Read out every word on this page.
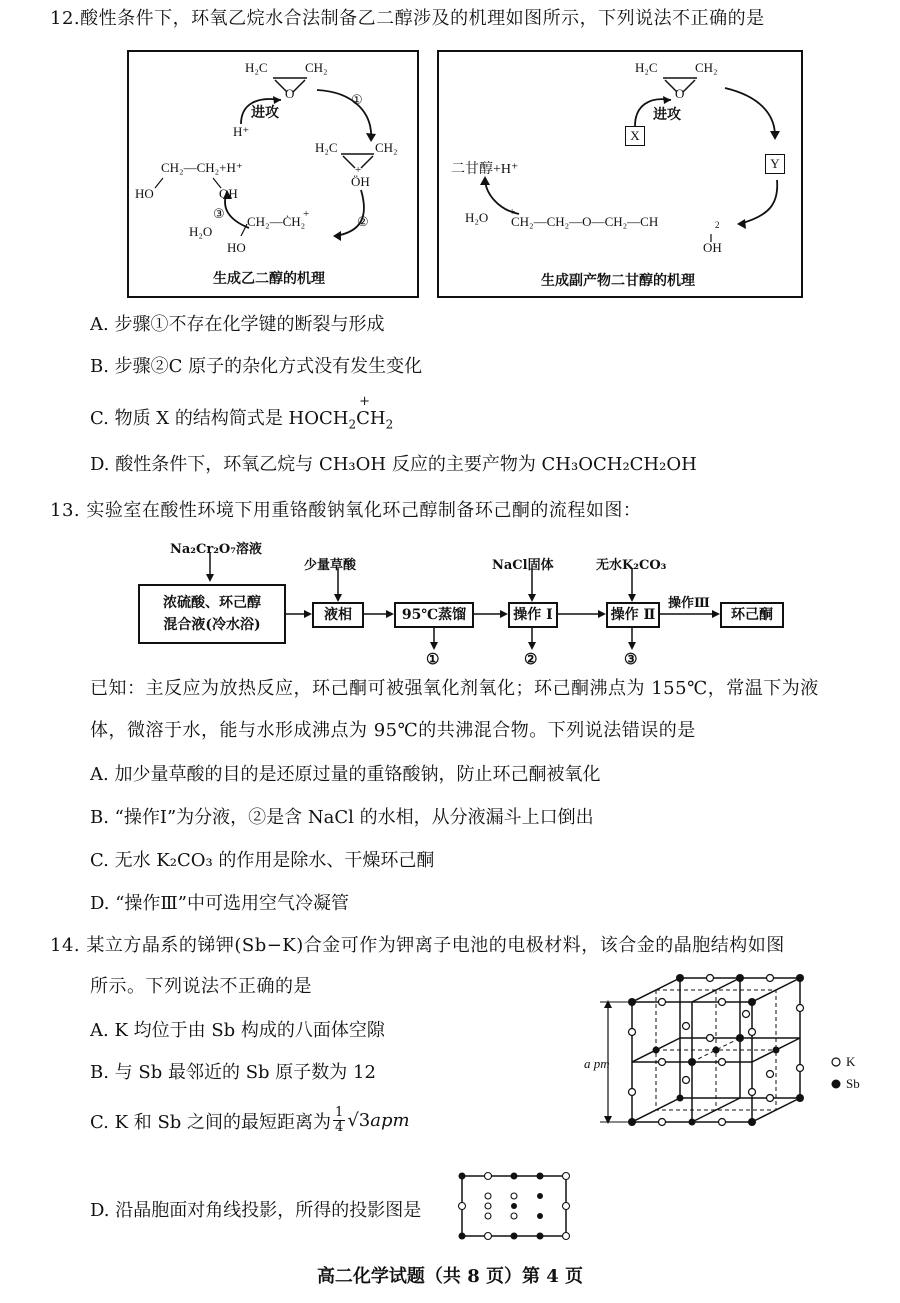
12.酸性条件下，环氧乙烷水合法制备乙二醇涉及的机理如图所示，下列说法不正确的是
H₂C	CH₂
O
进攻
H⁺
①
H₂C	CH₂
+
ÖH
②
CH₂—CH₂+H⁺
HO	OH
③
H₂O
+
CH₂—ĊH₂
HO
生成乙二醇的机理
H₂C	CH₂
O
进攻
X
Y
二甘醇+H⁺
H₂O +
CH₂—CH₂—O—CH₂—CH	2
OH
生成副产物二甘醇的机理
A. 步骤①不存在化学键的断裂与形成
B. 步骤②C 原子的杂化方式没有发生变化
C. 物质 X 的结构简式是 $HOCH_2$
+
$CH_2$
D. 酸性条件下，环氧乙烷与 CH₃OH 反应的主要产物为 CH₃OCH₂CH₂OH
13. 实验室在酸性环境下用重铬酸钠氧化环己醇制备环己酮的流程如图：
Na₂Cr₂O₇溶液
少量草酸	NaCl固体	无水K₂CO₃
浓硫酸、环己醇
混合液(冷水浴)
液相	95℃蒸馏	操作 Ⅰ	操作 Ⅱ
操作Ⅲ
环己酮
①	②	③
已知：主反应为放热反应，环己酮可被强氧化剂氧化；环己酮沸点为 155℃，常温下为液
体，微溶于水，能与水形成沸点为 95℃的共沸混合物。下列说法错误的是
A. 加少量草酸的目的是还原过量的重铬酸钠，防止环己酮被氧化
B. “操作Ⅰ”为分液，②是含 NaCl 的水相，从分液漏斗上口倒出
C. 无水 K₂CO₃ 的作用是除水、干燥环己酮
D. “操作Ⅲ”中可选用空气冷凝管
14. 某立方晶系的锑钾(Sb−K)合金可作为钾离子电池的电极材料，该合金的晶胞结构如图
所示。下列说法不正确的是
A. K 均位于由 Sb 构成的八面体空隙
B. 与 Sb 最邻近的 Sb 原子数为 12
C. K 和 Sb 之间的最短距离为 $\frac{1}{4} √3$ apm
D. 沿晶胞面对角线投影，所得的投影图是
a pm	K
Sb
高二化学试题（共 8 页）第 4 页
